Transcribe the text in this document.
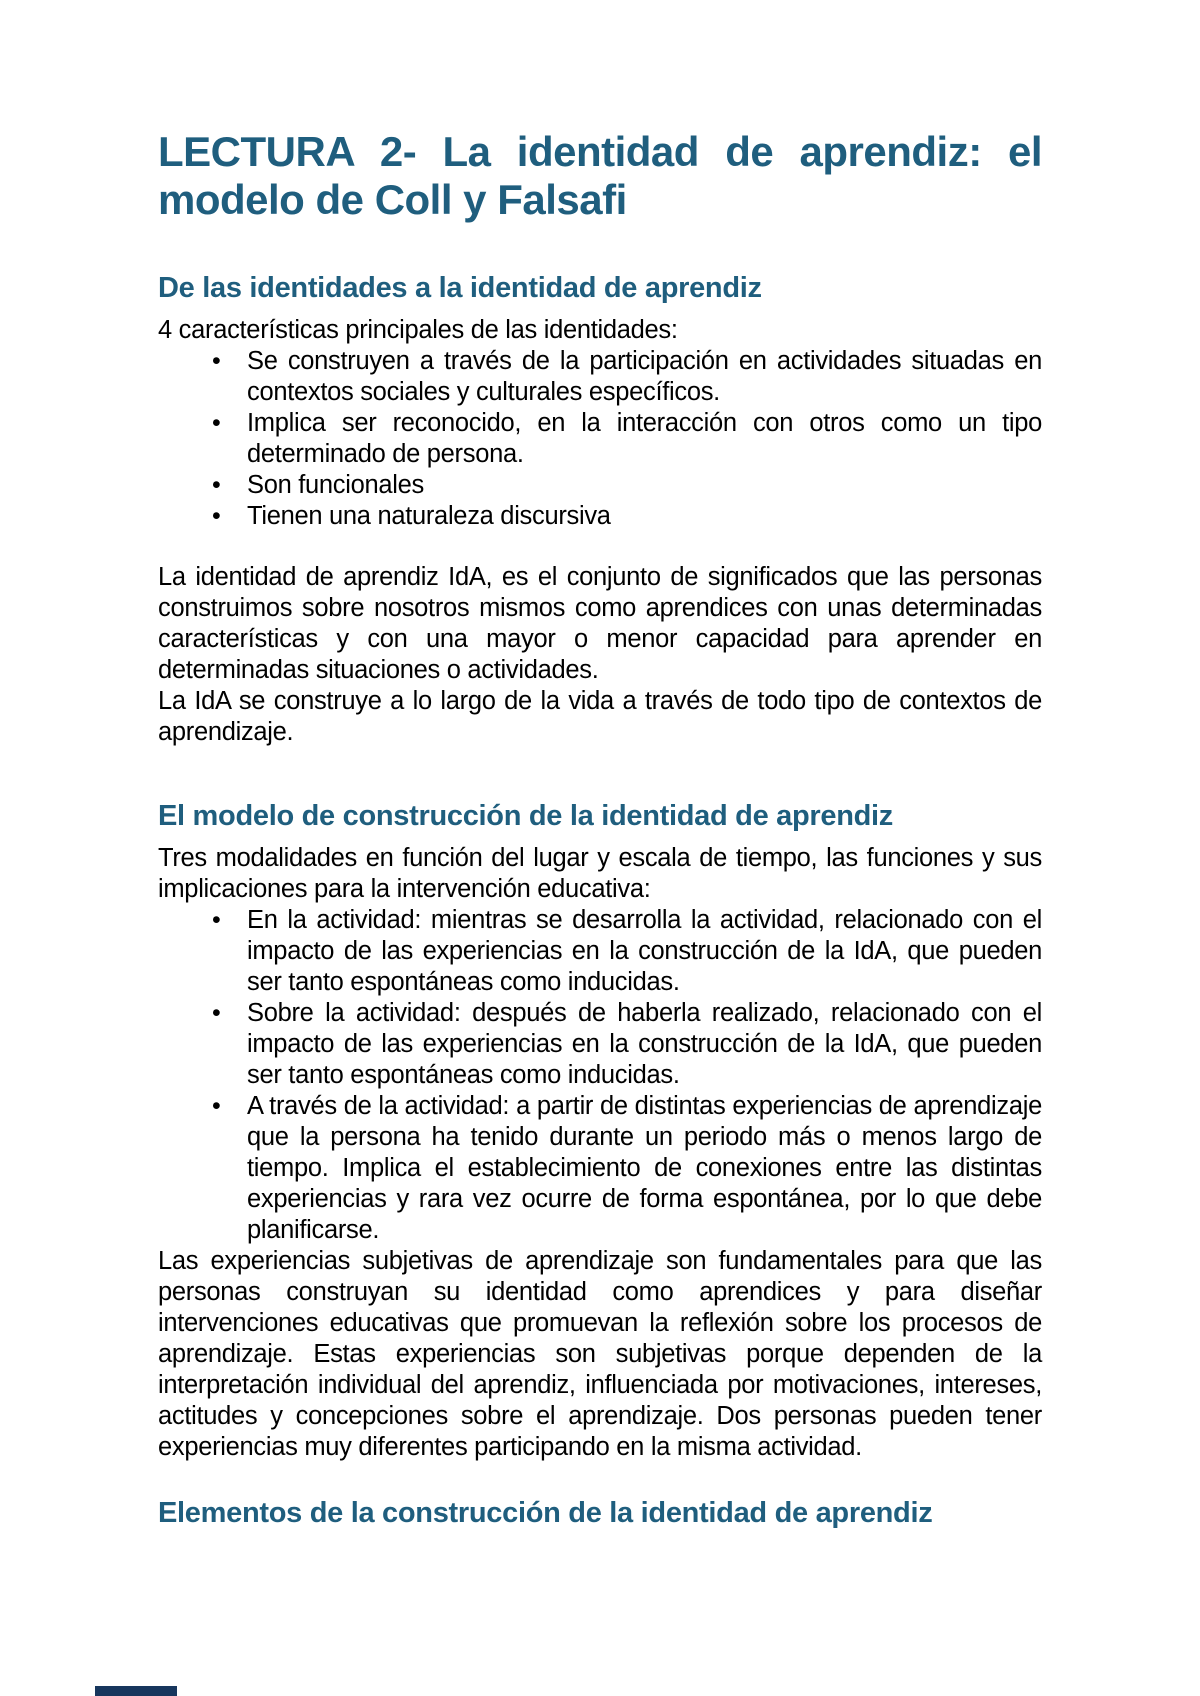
LECTURA 2- La identidad de aprendiz: el modelo de Coll y Falsafi
De las identidades a la identidad de aprendiz

4 características principales de las identidades:

• Se construyen a través de la participación en actividades situadas en contextos sociales y culturales específicos.
• Implica ser reconocido, en la interacción con otros como un tipo determinado de persona.
• Son funcionales
• Tienen una naturaleza discursiva

La identidad de aprendiz IdA, es el conjunto de significados que las personas construimos sobre nosotros mismos como aprendices con unas determinadas características y con una mayor o menor capacidad para aprender en determinadas situaciones o actividades.

La IdA se construye a lo largo de la vida a través de todo tipo de contextos de aprendizaje.

El modelo de construcción de la identidad de aprendiz

Tres modalidades en función del lugar y escala de tiempo, las funciones y sus implicaciones para la intervención educativa:

• En la actividad: mientras se desarrolla la actividad, relacionado con el impacto de las experiencias en la construcción de la IdA, que pueden ser tanto espontáneas como inducidas.
• Sobre la actividad: después de haberla realizado, relacionado con el impacto de las experiencias en la construcción de la IdA, que pueden ser tanto espontáneas como inducidas.
• A través de la actividad: a partir de distintas experiencias de aprendizaje que la persona ha tenido durante un periodo más o menos largo de tiempo. Implica el establecimiento de conexiones entre las distintas experiencias y rara vez ocurre de forma espontánea, por lo que debe planificarse.

Las experiencias subjetivas de aprendizaje son fundamentales para que las personas construyan su identidad como aprendices y para diseñar intervenciones educativas que promuevan la reflexión sobre los procesos de aprendizaje. Estas experiencias son subjetivas porque dependen de la interpretación individual del aprendiz, influenciada por motivaciones, intereses, actitudes y concepciones sobre el aprendizaje. Dos personas pueden tener experiencias muy diferentes participando en la misma actividad.

Elementos de la construcción de la identidad de aprendiz
